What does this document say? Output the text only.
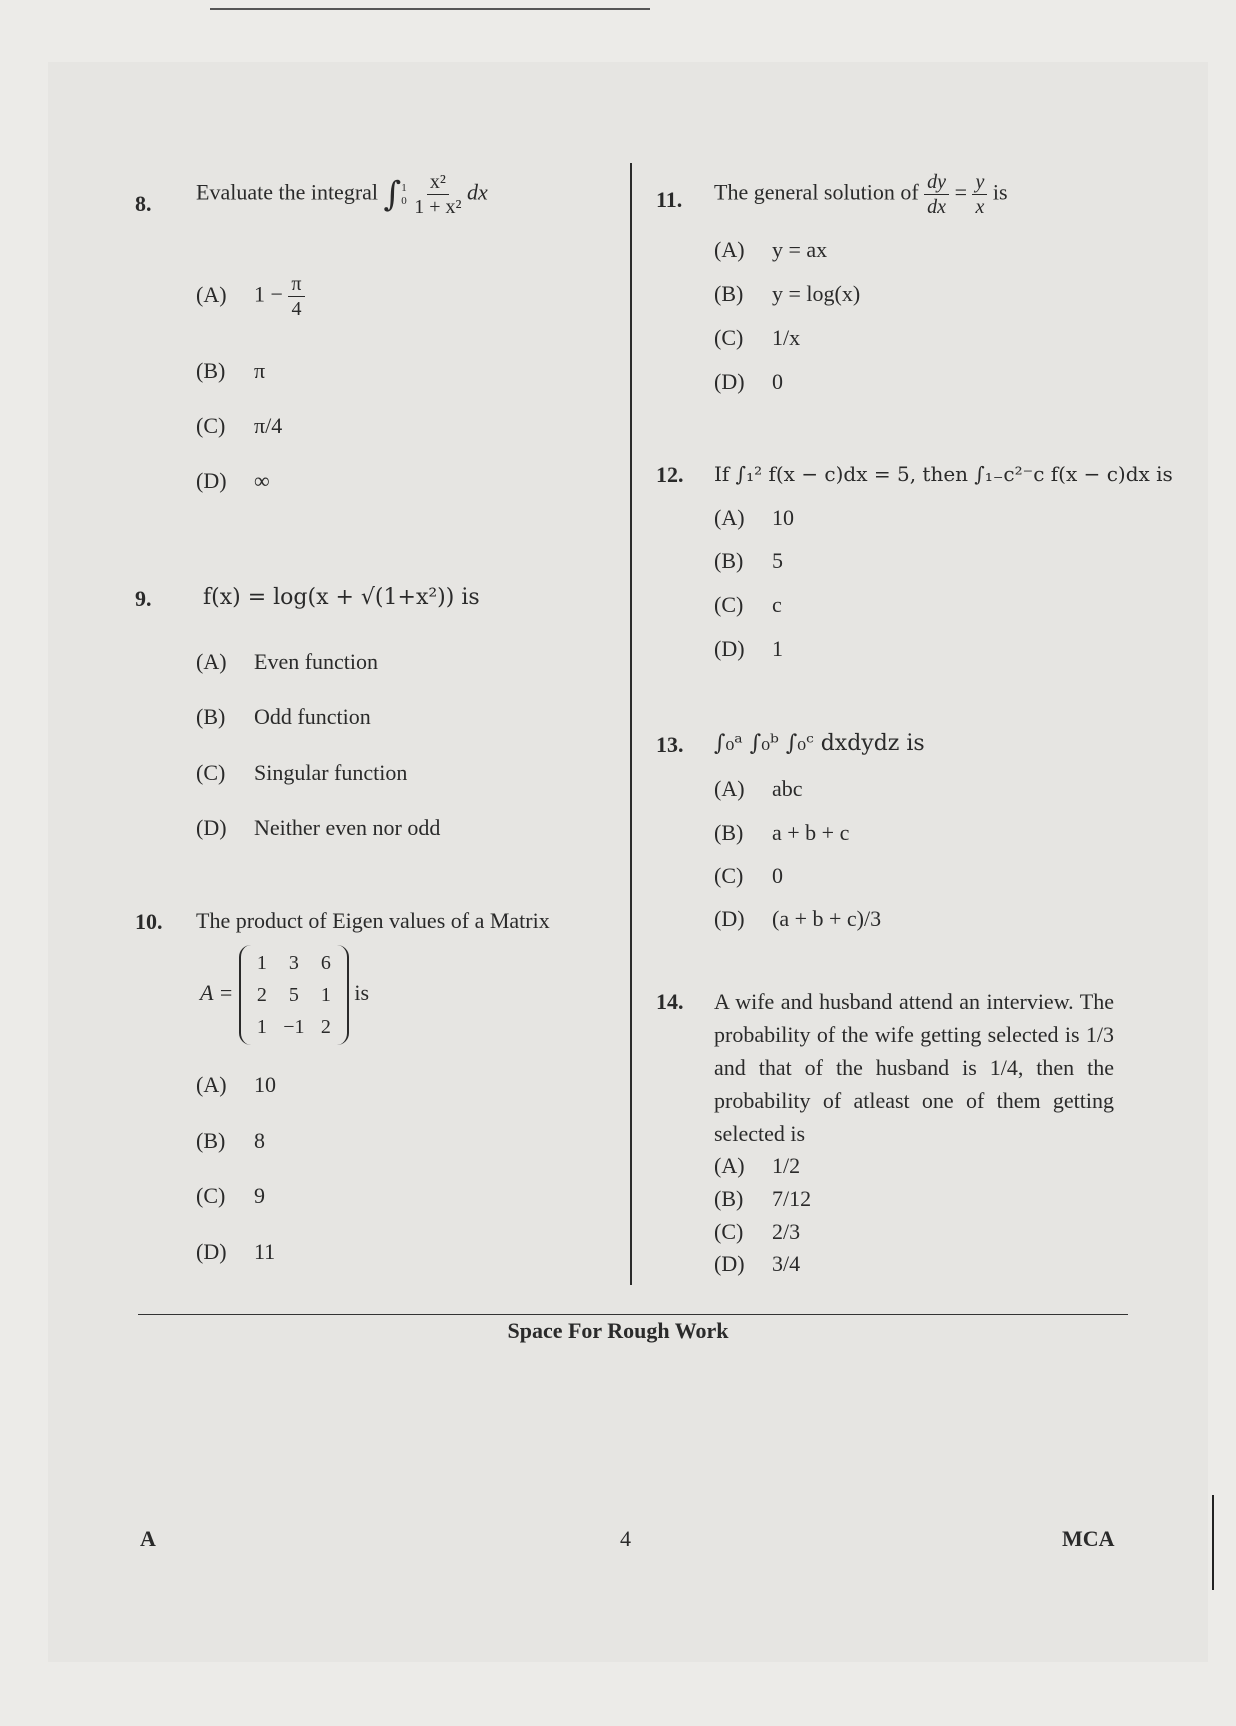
8. Evaluate the integral ∫ 1
0
$\frac{\text{x²}}{\text{1 + x²}}$ dx
(A) $1 - \frac{\pi}{4}$
(B) π
(C) π/4
(D) ∞
9. f(x) = log(x + √(1+x²)) is
(A) Even function
(B) Odd function
(C) Singular function
(D) Neither even nor odd
10. The product of Eigen values of a Matrix
A =
1	3	6
2	5	1
1 −1 2
is
(A) 10
(B) 8
(C) 9
(D) 11
11. The general solution of $\frac{dy}{dx} = \frac{y}{x}$ is
(A) y = ax
(B) y = log(x)
(C) 1/x
(D) 0
12. If ∫₁² f(x − c)dx = 5, then ∫₁₋c²⁻c f(x − c)dx is
(A) 10
(B) 5
(C) c
(D) 1
13. ∫₀ᵃ ∫₀ᵇ ∫₀ᶜ dxdydz is
(A) abc
(B) a + b + c
(C) 0
(D) (a + b + c)/3
14. A wife and husband attend an interview. The probability of the wife getting selected is 1/3 and that of the husband is 1/4, then the probability of atleast one of them getting selected is
(A) 1/2
(B) 7/12
(C) 2/3
(D) 3/4
Space For Rough Work
A	4	MCA
